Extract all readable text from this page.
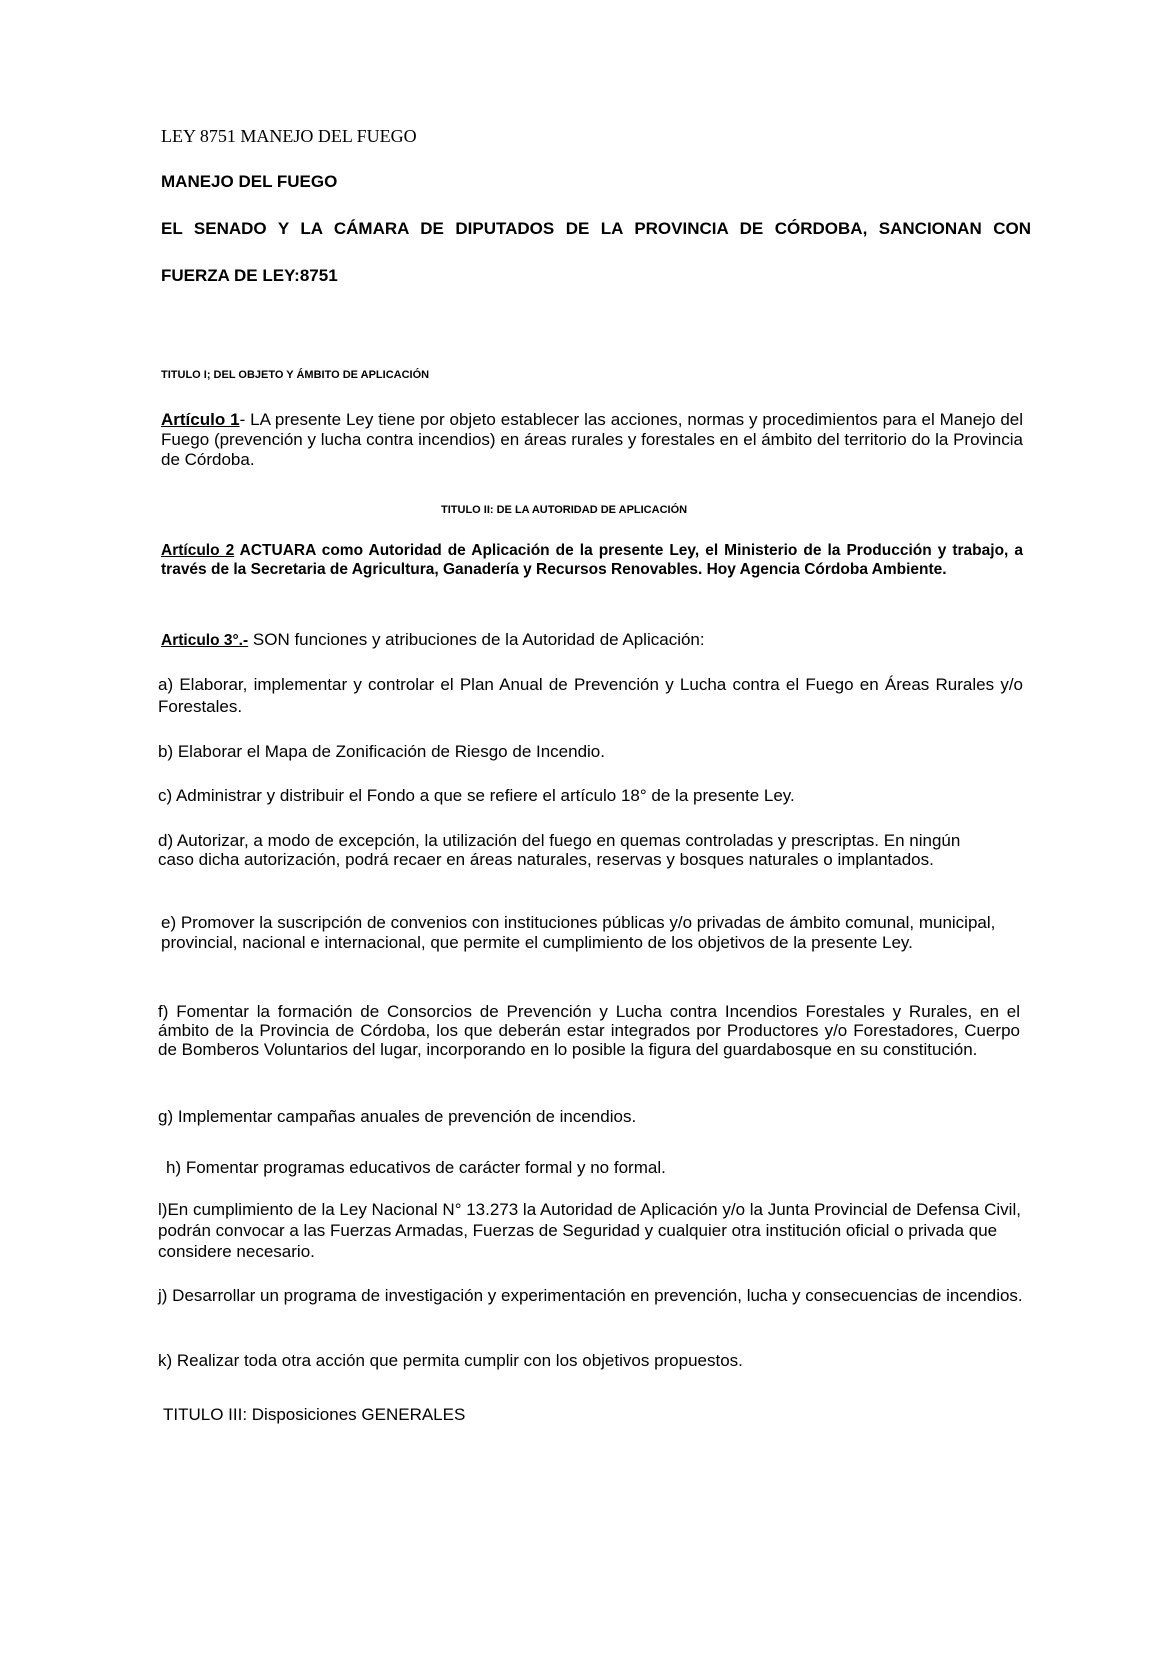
LEY 8751 MANEJO DEL FUEGO
MANEJO DEL FUEGO
EL SENADO Y LA CÁMARA DE DIPUTADOS DE LA PROVINCIA DE CÓRDOBA, SANCIONAN CON
FUERZA DE LEY:8751
TITULO I; DEL OBJETO Y ÁMBITO DE APLICACIÓN

Artículo 1- LA presente Ley tiene por objeto establecer las acciones, normas y procedimientos para el Manejo del Fuego (prevención y lucha contra incendios) en áreas rurales y forestales en el ámbito del territorio do la Provincia de Córdoba.

TITULO II: DE LA AUTORIDAD DE APLICACIÓN

Artículo 2 ACTUARA como Autoridad de Aplicación de la presente Ley, el Ministerio de la Producción y trabajo, a través de la Secretaria de Agricultura, Ganadería y Recursos Renovables. Hoy Agencia Córdoba Ambiente.

Articulo 3°.- SON funciones y atribuciones de la Autoridad de Aplicación:

a) Elaborar, implementar y controlar el Plan Anual de Prevención y Lucha contra el Fuego en Áreas Rurales y/o Forestales.

b) Elaborar el Mapa de Zonificación de Riesgo de Incendio.

c) Administrar y distribuir el Fondo a que se refiere el artículo 18° de la presente Ley.

d) Autorizar, a modo de excepción, la utilización del fuego en quemas controladas y prescriptas. En ningún caso dicha autorización, podrá recaer en áreas naturales, reservas y bosques naturales o implantados.

e) Promover la suscripción de convenios con instituciones públicas y/o privadas de ámbito comunal, municipal, provincial, nacional e internacional, que permite el cumplimiento de los objetivos de la presente Ley.

f) Fomentar la formación de Consorcios de Prevención y Lucha contra Incendios Forestales y Rurales, en el ámbito de la Provincia de Córdoba, los que deberán estar integrados por Productores y/o Forestadores, Cuerpo de Bomberos Voluntarios del lugar, incorporando en lo posible la figura del guardabosque en su constitución.

g) Implementar campañas anuales de prevención de incendios.

h) Fomentar programas educativos de carácter formal y no formal.

l)En cumplimiento de la Ley Nacional N° 13.273 la Autoridad de Aplicación y/o la Junta Provincial de Defensa Civil, podrán convocar a las Fuerzas Armadas, Fuerzas de Seguridad y cualquier otra institución oficial o privada que considere necesario.

j) Desarrollar un programa de investigación y experimentación en prevención, lucha y consecuencias de incendios.

k) Realizar toda otra acción que permita cumplir con los objetivos propuestos.

TITULO III: Disposiciones GENERALES
